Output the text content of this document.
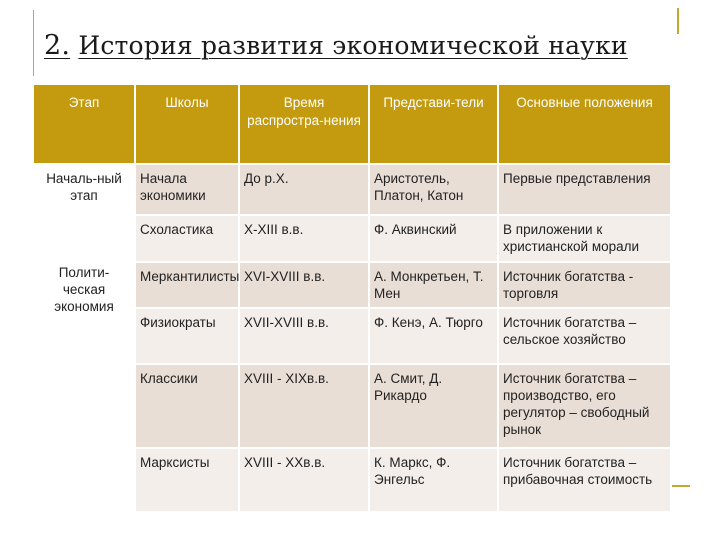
2. История развития экономической науки
Этап	Школы	Время распростра-нения	Представи-тели	Основные положения
Началь-ный этап	Начала экономики	До р.Х.	Аристотель, Платон, Катон	Первые представления
	Схоластика	X-XIII в.в.	Ф. Аквинский	В приложении к христианской морали
Полити-ческая экономия	Меркантилисты	XVI-XVIII в.в.	А. Монкретьен, Т. Мен	Источник богатства - торговля
	Физиократы	XVII-XVIII в.в.	Ф. Кенэ, А. Тюрго	Источник богатства – сельское хозяйство
	Классики	XVIII - XIXв.в.	А. Смит, Д. Рикардо	Источник богатства – производство, его регулятор – свободный рынок
	Марксисты	XVIII - XXв.в.	К. Маркс, Ф. Энгельс	Источник богатства – прибавочная стоимость
